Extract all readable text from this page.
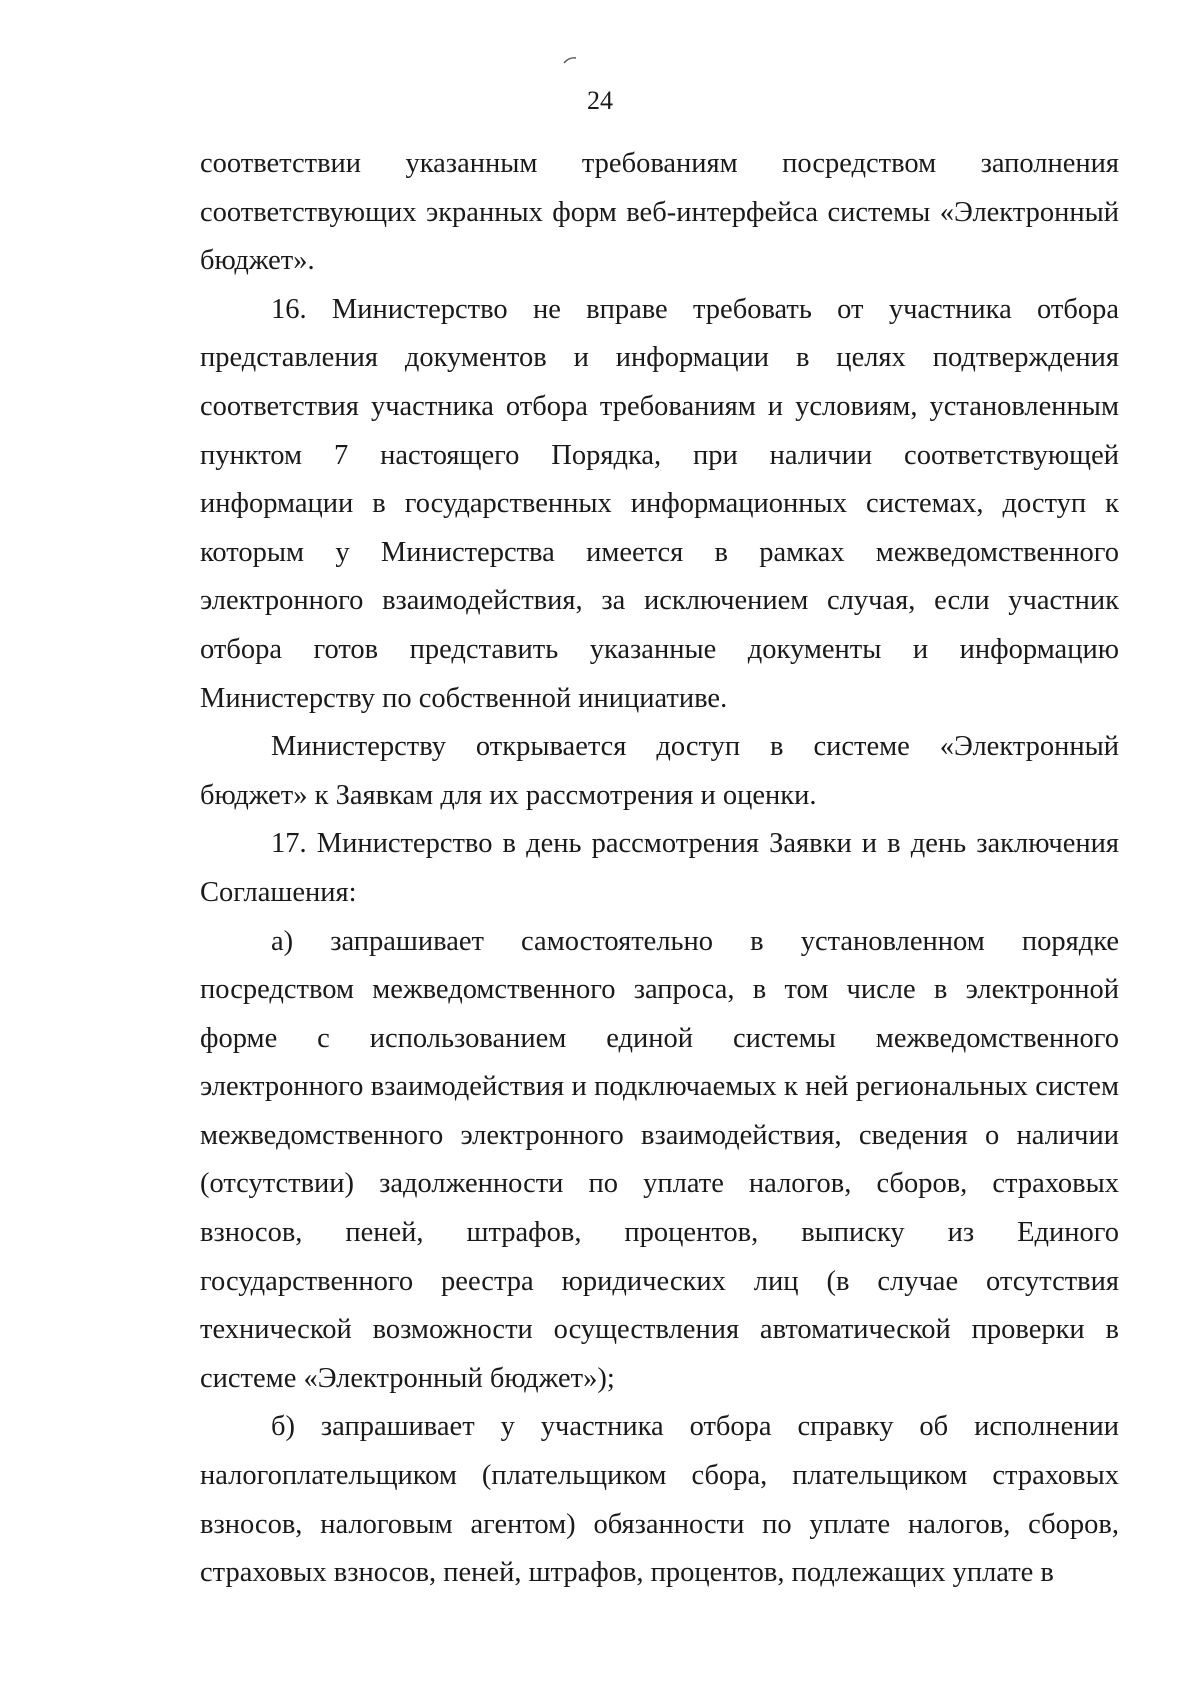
24

соответствии указанным требованиям посредством заполнения соответствующих экранных форм веб-интерфейса системы «Электронный бюджет».

16. Министерство не вправе требовать от участника отбора представления документов и информации в целях подтверждения соответствия участника отбора требованиям и условиям, установленным пунктом 7 настоящего Порядка, при наличии соответствующей информации в государственных информационных системах, доступ к которым у Министерства имеется в рамках межведомственного электронного взаимодействия, за исключением случая, если участник отбора готов представить указанные документы и информацию Министерству по собственной инициативе.

Министерству открывается доступ в системе «Электронный бюджет» к Заявкам для их рассмотрения и оценки.

17. Министерство в день рассмотрения Заявки и в день заключения Соглашения:

а) запрашивает самостоятельно в установленном порядке посредством межведомственного запроса, в том числе в электронной форме с использованием единой системы межведомственного электронного взаимодействия и подключаемых к ней региональных систем межведомственного электронного взаимодействия, сведения о наличии (отсутствии) задолженности по уплате налогов, сборов, страховых взносов, пеней, штрафов, процентов, выписку из Единого государственного реестра юридических лиц (в случае отсутствия технической возможности осуществления автоматической проверки в системе «Электронный бюджет»);

б) запрашивает у участника отбора справку об исполнении налогоплательщиком (плательщиком сбора, плательщиком страховых взносов, налоговым агентом) обязанности по уплате налогов, сборов, страховых взносов, пеней, штрафов, процентов, подлежащих уплате в
